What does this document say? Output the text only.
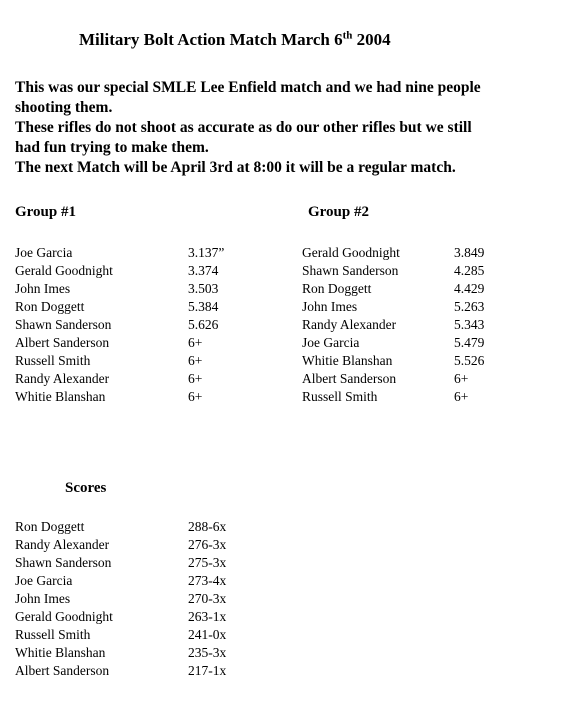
Military Bolt Action Match March 6th 2004
This was our special SMLE Lee Enfield match and we had nine people
shooting them.
These rifles do not shoot as accurate as do our other rifles but we still
had fun trying to make them.
The next Match will be April 3rd at 8:00 it will be a regular match.
Group #1	Group #2
Joe Garcia	3.137”
Gerald Goodnight	3.374
John Imes	3.503
Ron Doggett	5.384
Shawn Sanderson	5.626
Albert Sanderson	6+
Russell Smith	6+
Randy Alexander	6+
Whitie Blanshan	6+
Gerald Goodnight	3.849
Shawn Sanderson	4.285
Ron Doggett	4.429
John Imes	5.263
Randy Alexander	5.343
Joe Garcia	5.479
Whitie Blanshan	5.526
Albert Sanderson	6+
Russell Smith	6+
Scores
Ron Doggett	288-6x
Randy Alexander	276-3x
Shawn Sanderson	275-3x
Joe Garcia	273-4x
John Imes	270-3x
Gerald Goodnight	263-1x
Russell Smith	241-0x
Whitie Blanshan	235-3x
Albert Sanderson	217-1x
